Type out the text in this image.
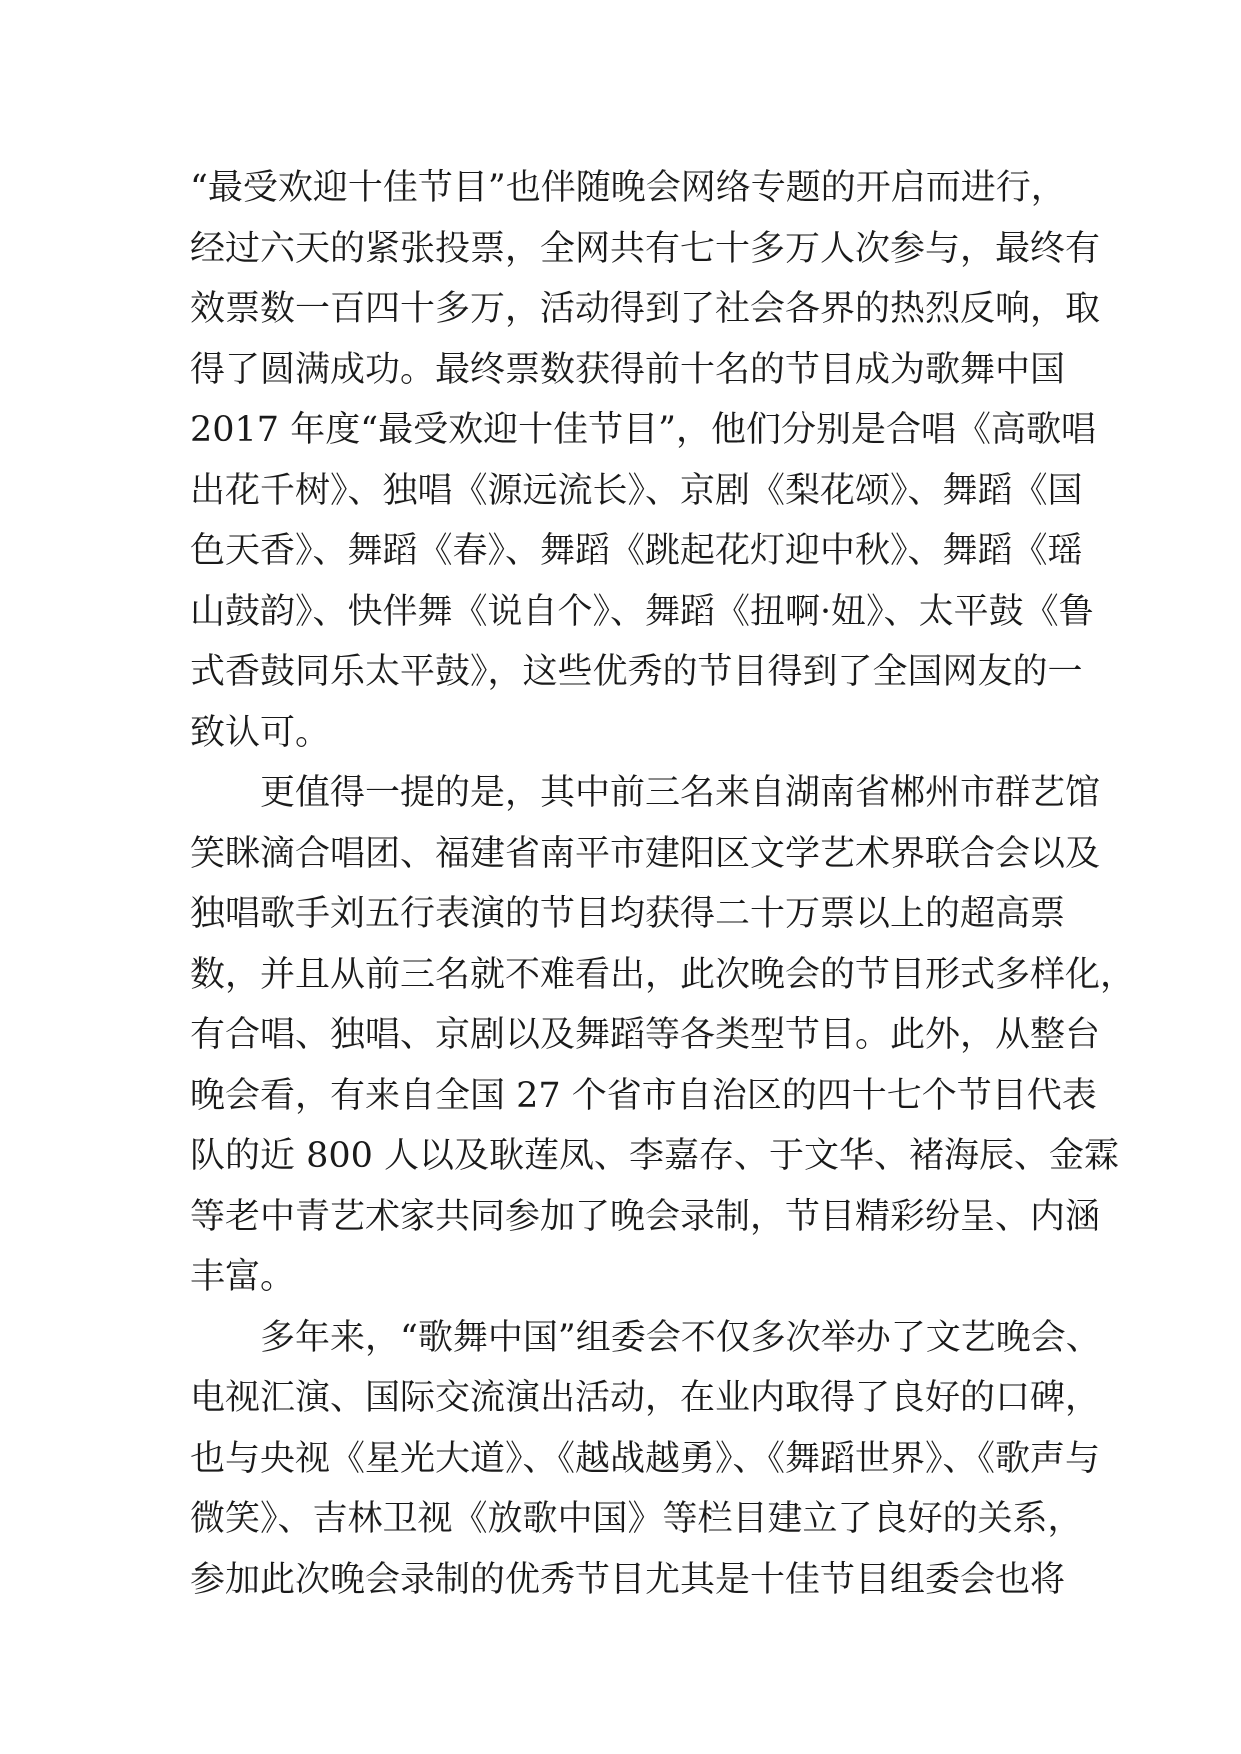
“最受欢迎十佳节目”也伴随晚会网络专题的开启而进行，
经过六天的紧张投票，全网共有七十多万人次参与，最终有
效票数一百四十多万，活动得到了社会各界的热烈反响，取
得了圆满成功。最终票数获得前十名的节目成为歌舞中国
2017 年度“最受欢迎十佳节目”，他们分别是合唱《高歌唱
出花千树》、独唱《源远流长》、京剧《梨花颂》、舞蹈《国
色天香》、舞蹈《春》、舞蹈《跳起花灯迎中秋》、舞蹈《瑶
山鼓韵》、快伴舞《说自个》、舞蹈《扭啊·妞》、太平鼓《鲁
式香鼓同乐太平鼓》，这些优秀的节目得到了全国网友的一
致认可。
更值得一提的是，其中前三名来自湖南省郴州市群艺馆
笑眯滴合唱团、福建省南平市建阳区文学艺术界联合会以及
独唱歌手刘五行表演的节目均获得二十万票以上的超高票
数，并且从前三名就不难看出，此次晚会的节目形式多样化，
有合唱、独唱、京剧以及舞蹈等各类型节目。此外，从整台
晚会看，有来自全国 27 个省市自治区的四十七个节目代表
队的近 800 人以及耿莲凤、李嘉存、于文华、褚海辰、金霖
等老中青艺术家共同参加了晚会录制，节目精彩纷呈、内涵
丰富。
多年来，“歌舞中国”组委会不仅多次举办了文艺晚会、
电视汇演、国际交流演出活动，在业内取得了良好的口碑，
也与央视《星光大道》、《越战越勇》、《舞蹈世界》、《歌声与
微笑》、吉林卫视《放歌中国》等栏目建立了良好的关系，
参加此次晚会录制的优秀节目尤其是十佳节目组委会也将
